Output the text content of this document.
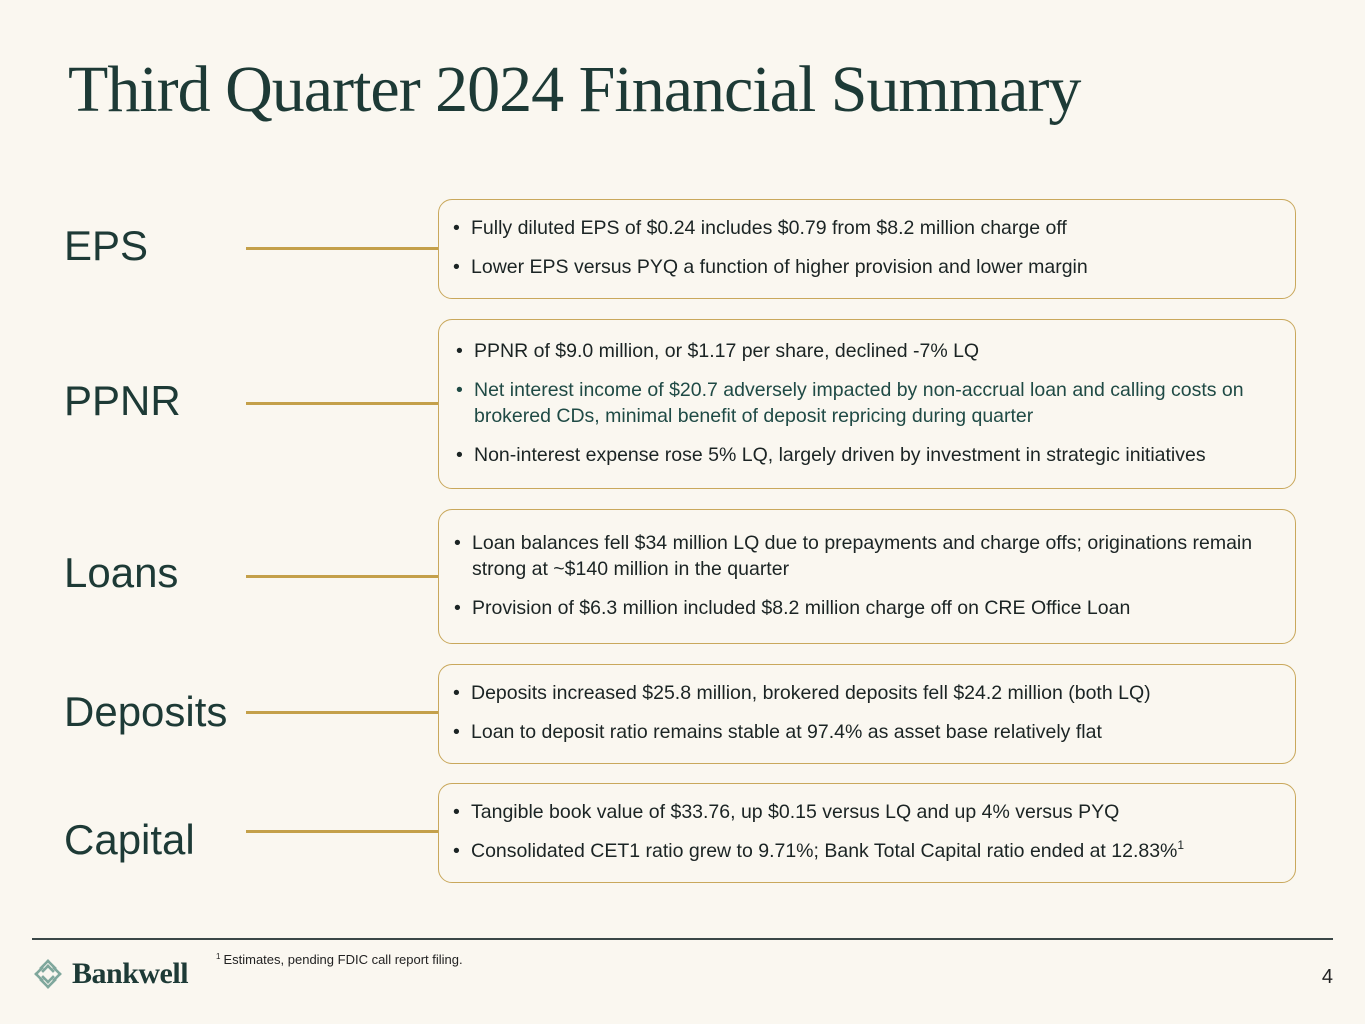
Third Quarter 2024 Financial Summary
EPS	• Fully diluted EPS of $0.24 includes $0.79 from $8.2 million charge off
• Lower EPS versus PYQ a function of higher provision and lower margin
PPNR
• PPNR of $9.0 million, or $1.17 per share, declined -7% LQ
• Net interest income of $20.7 adversely impacted by non-accrual loan and calling costs on brokered CDs, minimal benefit of deposit repricing during quarter
• Non-interest expense rose 5% LQ, largely driven by investment in strategic initiatives
Loans
• Loan balances fell $34 million LQ due to prepayments and charge offs; originations remain strong at ~$140 million in the quarter
• Provision of $6.3 million included $8.2 million charge off on CRE Office Loan
Deposits	• Deposits increased $25.8 million, brokered deposits fell $24.2 million (both LQ)
• Loan to deposit ratio remains stable at 97.4% as asset base relatively flat
Capital
• Tangible book value of $33.76, up $0.15 versus LQ and up 4% versus PYQ
• Consolidated CET1 ratio grew to 9.71%; Bank Total Capital ratio ended at 12.83%$^1$
Bankwell
$^1$ Estimates, pending FDIC call report filing.
4
